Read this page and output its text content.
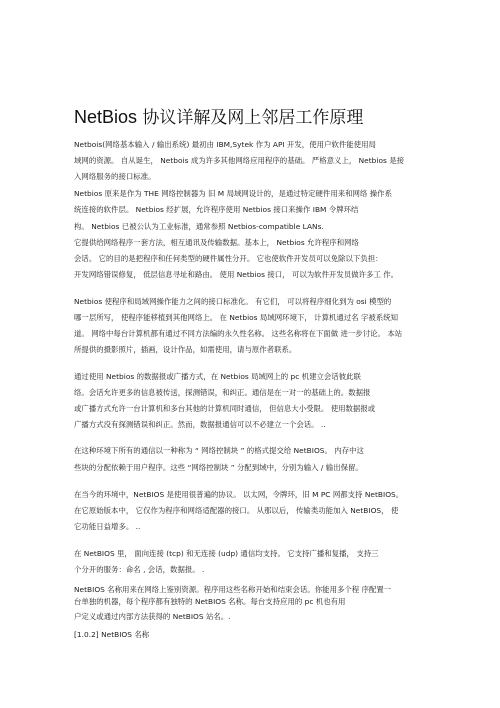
NetBios 协议详解及网上邻居工作原理
Netbois(网络基本输入 / 输出系统) 最初由 IBM,Sytek 作为 API 开发，使用户软件能使用局
域网的资源。 自从诞生， Netbois 成为许多其他网络应用程序的基础。 严格意义上， Netbios 是接
入网络服务的接口标准。
Netbios 原来是作为 THE 网络控制器为 旧 M 局域网设计的，是通过特定硬件用来和网络 操作系
统连接的软件层。 Netbios 经扩展，允许程序使用 Netbios 接口来操作 IBM 令牌环结
构。 Netbios 已被公认为工业标准，通常参照 Netbios-compatible LANs.
它提供给网络程序一套方法，相互通讯及传输数据。基本上， Netbios 允许程序和网络
会话。 它的目的是把程序和任何类型的硬件属性分开。 它也使软件开发员可以免除以下负担：
开发网络错误修复， 低层信息寻址和路由。 使用 Netbios 接口， 可以为软件开发员做许多工 作。
Netbios 使程序和局域网操作能力之间的接口标准化。 有它们， 可以将程序细化到为 osi 模型的
哪一层所写， 使程序能移植到其他网络上。 在 Netbios 局域网环境下， 计算机通过名 字被系统知
道。 网络中每台计算机都有通过不同方法编的永久性名称。 这些名称将在下面做 进一步讨论。 本站
所提供的摄影照片，插画，设计作品，如需使用，请与原作者联系。
通过使用 Netbios 的数据报或广播方式，在 Netbios 局域网上的 pc 机建立会话彼此联
络。会话允许更多的信息被传送，探测错误，和纠正。通信是在一对一的基础上的。数据报
或广播方式允许一台计算机和多台其他的计算机同时通信， 但信息大小受限。 使用数据报或
广播方式没有探测错误和纠正。然而，数据报通信可以不必建立一个会话。 ..
在这种环境下所有的通信以一种称为 “ 网络控制块 ” 的格式提交给 NetBIOS。 内存中这
些块的分配依赖于用户程序。这些 “网络控制块 ” 分配到域中，分别为输入 / 输出保留。
在当今的环境中，NetBIOS 是使用很普遍的协议。 以太网，令牌环，旧 M PC 网都支持 NetBIOS。
在它原始版本中， 它仅作为程序和网络适配器的接口。 从那以后， 传输类功能加入 NetBIOS， 使
它功能日益增多。 ..
在 NetBIOS 里， 面向连接 (tcp) 和无连接 (udp) 通信均支持。 它支持广播和复播， 支持三
个分开的服务：命名 , 会话，数据报。 .
NetBIOS 名称用来在网络上鉴别资源。程序用这些名称开始和结束会话。你能用多个程 序配置一
台单独的机器，每个程序都有独特的 NetBIOS 名称。每台支持应用的 pc 机也有用
户定义或通过内部方法获得的 NetBIOS 站名。.
[1.0.2] NetBIOS 名称
